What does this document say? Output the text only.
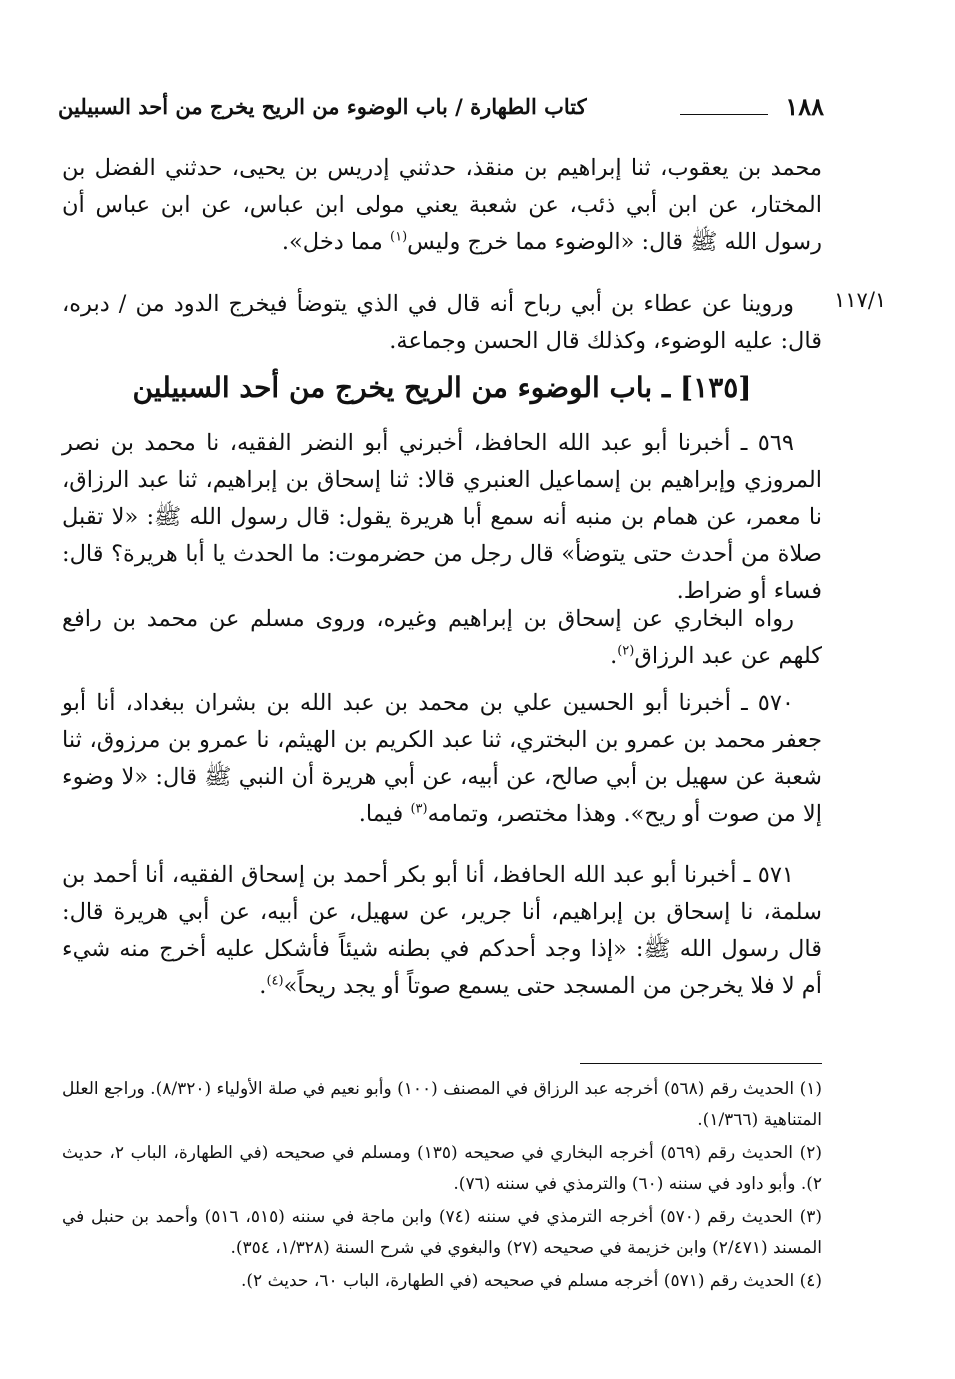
١٨٨
كتاب الطهارة / باب الوضوء من الريح يخرج من أحد السبيلين

محمد بن يعقوب، ثنا إبراهيم بن منقذ، حدثني إدريس بن يحيى، حدثني الفضل بن المختار، عن ابن أبي ذئب، عن شعبة يعني مولى ابن عباس، عن ابن عباس أن رسول الله ﷺ قال: «الوضوء مما خرج وليس$^{(١)}$ مما دخل».

وروينا عن عطاء بن أبي رباح أنه قال في الذي يتوضأ فيخرج الدود من / دبره، قال: عليه الوضوء، وكذلك قال الحسن وجماعة.

١١٧/١
[١٣٥] ـ باب الوضوء من الريح يخرج من أحد السبيلين

٥٦٩ ـ أخبرنا أبو عبد الله الحافظ، أخبرني أبو النضر الفقيه، نا محمد بن نصر المروزي وإبراهيم بن إسماعيل العنبري قالا: ثنا إسحاق بن إبراهيم، ثنا عبد الرزاق، نا معمر، عن همام بن منبه أنه سمع أبا هريرة يقول: قال رسول الله ﷺ: «لا تقبل صلاة من أحدث حتى يتوضأ» قال رجل من حضرموت: ما الحدث يا أبا هريرة؟ قال: فساء أو ضراط.

رواه البخاري عن إسحاق بن إبراهيم وغيره، وروى مسلم عن محمد بن رافع كلهم عن عبد الرزاق$^{(٢)}$.

٥٧٠ ـ أخبرنا أبو الحسين علي بن محمد بن عبد الله بن بشران ببغداد، أنا أبو جعفر محمد بن عمرو بن البختري، ثنا عبد الكريم بن الهيثم، نا عمرو بن مرزوق، ثنا شعبة عن سهيل بن أبي صالح، عن أبيه، عن أبي هريرة أن النبي ﷺ قال: «لا وضوء إلا من صوت أو ريح». وهذا مختصر، وتمامه$^{(٣)}$ فيما.

٥٧١ ـ أخبرنا أبو عبد الله الحافظ، أنا أبو بكر أحمد بن إسحاق الفقيه، أنا أحمد بن سلمة، نا إسحاق بن إبراهيم، أنا جرير، عن سهيل، عن أبيه، عن أبي هريرة قال: قال رسول الله ﷺ: «إذا وجد أحدكم في بطنه شيئاً فأشكل عليه أخرج منه شيء أم لا فلا يخرجن من المسجد حتى يسمع صوتاً أو يجد ريحاً»$^{(٤)}$.

(١) الحديث رقم (٥٦٨) أخرجه عبد الرزاق في المصنف (١٠٠) وأبو نعيم في صلة الأولياء (٨/٣٢٠). وراجع العلل المتناهية (١/٣٦٦).

(٢) الحديث رقم (٥٦٩) أخرجه البخاري في صحيحه (١٣٥) ومسلم في صحيحه (في الطهارة، الباب ٢، حديث ٢). وأبو داود في سننه (٦٠) والترمذي في سننه (٧٦).

(٣) الحديث رقم (٥٧٠) أخرجه الترمذي في سننه (٧٤) وابن ماجة في سننه (٥١٥، ٥١٦) وأحمد بن حنبل في المسند (٢/٤٧١) وابن خزيمة في صحيحه (٢٧) والبغوي في شرح السنة (١/٣٢٨، ٣٥٤).

(٤) الحديث رقم (٥٧١) أخرجه مسلم في صحيحه (في الطهارة، الباب ٦٠، حديث ٢).
